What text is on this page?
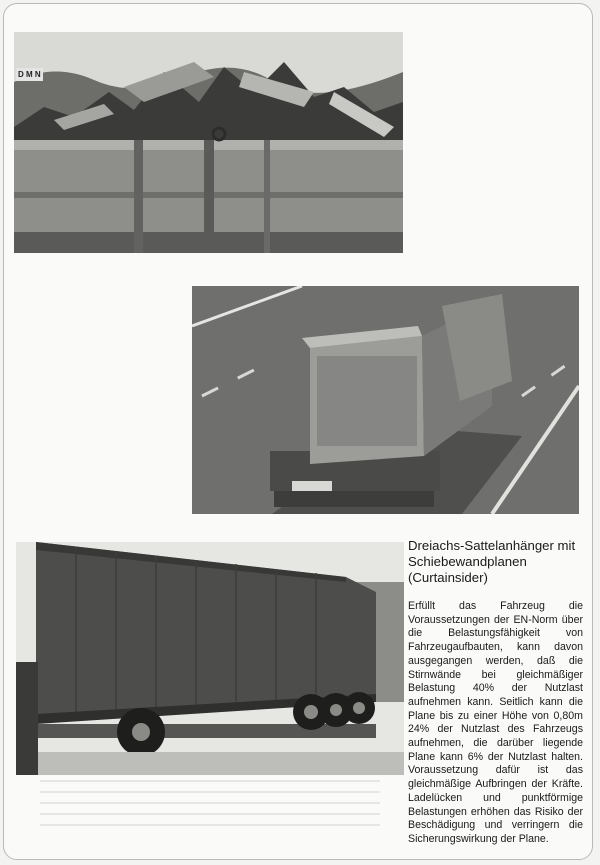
D M N
Dreiachs-Sattelanhänger mit Schiebewandplanen (Curtainsider)

Erfüllt das Fahrzeug die Voraussetzungen der EN-Norm über die Belastungsfähigkeit von Fahrzeugaufbauten, kann davon ausgegangen werden, daß die Stirnwände bei gleichmäßiger Belastung 40% der Nutzlast aufnehmen kann. Seitlich kann die Plane bis zu einer Höhe von 0,80m 24% der Nutzlast des Fahrzeugs aufnehmen, die darüber liegende Plane kann 6% der Nutzlast halten. Voraussetzung dafür ist das gleichmäßige Aufbringen der Kräfte. Ladelücken und punktförmige Belastungen erhöhen das Risiko der Beschädigung und verringern die Sicherungswirkung der Plane.
